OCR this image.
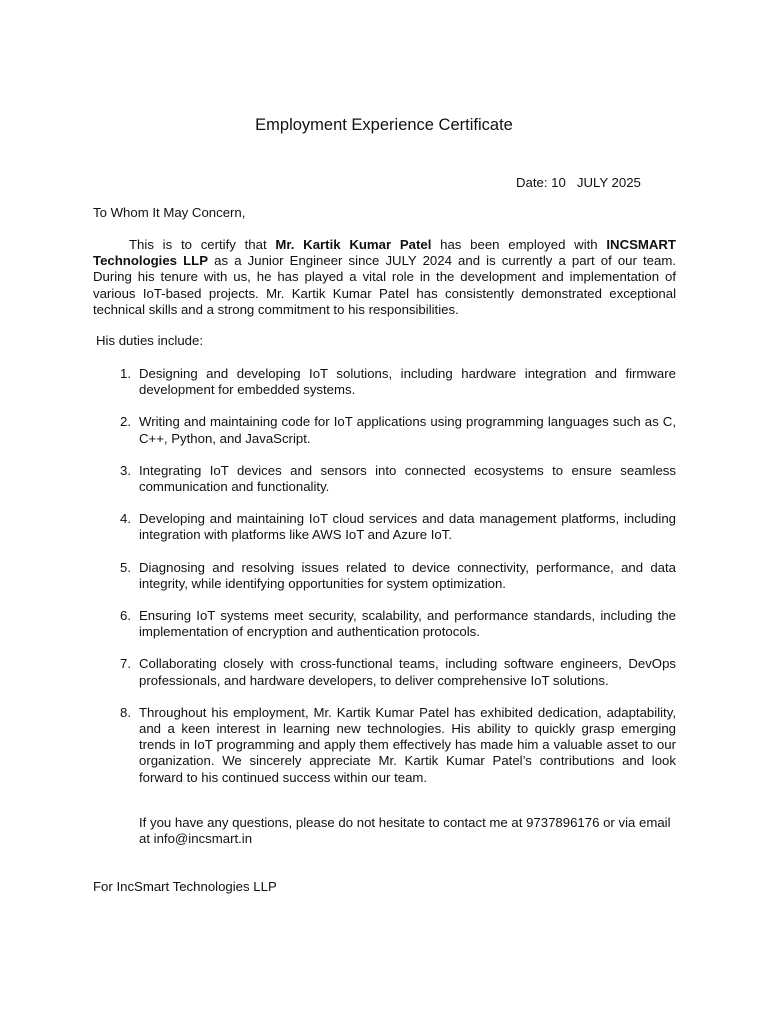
Employment Experience Certificate
Date: 10   JULY 2025
To Whom It May Concern,

This is to certify that Mr. Kartik Kumar Patel has been employed with INCSMART Technologies LLP as a Junior Engineer since JULY 2024 and is currently a part of our team. During his tenure with us, he has played a vital role in the development and implementation of various IoT-based projects. Mr. Kartik Kumar Patel has consistently demonstrated exceptional technical skills and a strong commitment to his responsibilities.

His duties include:
1. Designing and developing IoT solutions, including hardware integration and firmware development for embedded systems.
2. Writing and maintaining code for IoT applications using programming languages such as C, C++, Python, and JavaScript.
3. Integrating IoT devices and sensors into connected ecosystems to ensure seamless communication and functionality.
4. Developing and maintaining IoT cloud services and data management platforms, including integration with platforms like AWS IoT and Azure IoT.
5. Diagnosing and resolving issues related to device connectivity, performance, and data integrity, while identifying opportunities for system optimization.
6. Ensuring IoT systems meet security, scalability, and performance standards, including the implementation of encryption and authentication protocols.
7. Collaborating closely with cross-functional teams, including software engineers, DevOps professionals, and hardware developers, to deliver comprehensive IoT solutions.
8. Throughout his employment, Mr. Kartik Kumar Patel has exhibited dedication, adaptability, and a keen interest in learning new technologies. His ability to quickly grasp emerging trends in IoT programming and apply them effectively has made him a valuable asset to our organization. We sincerely appreciate Mr. Kartik Kumar Patel’s contributions and look forward to his continued success within our team.

If you have any questions, please do not hesitate to contact me at 9737896176 or via email at info@incsmart.in

For IncSmart Technologies LLP
